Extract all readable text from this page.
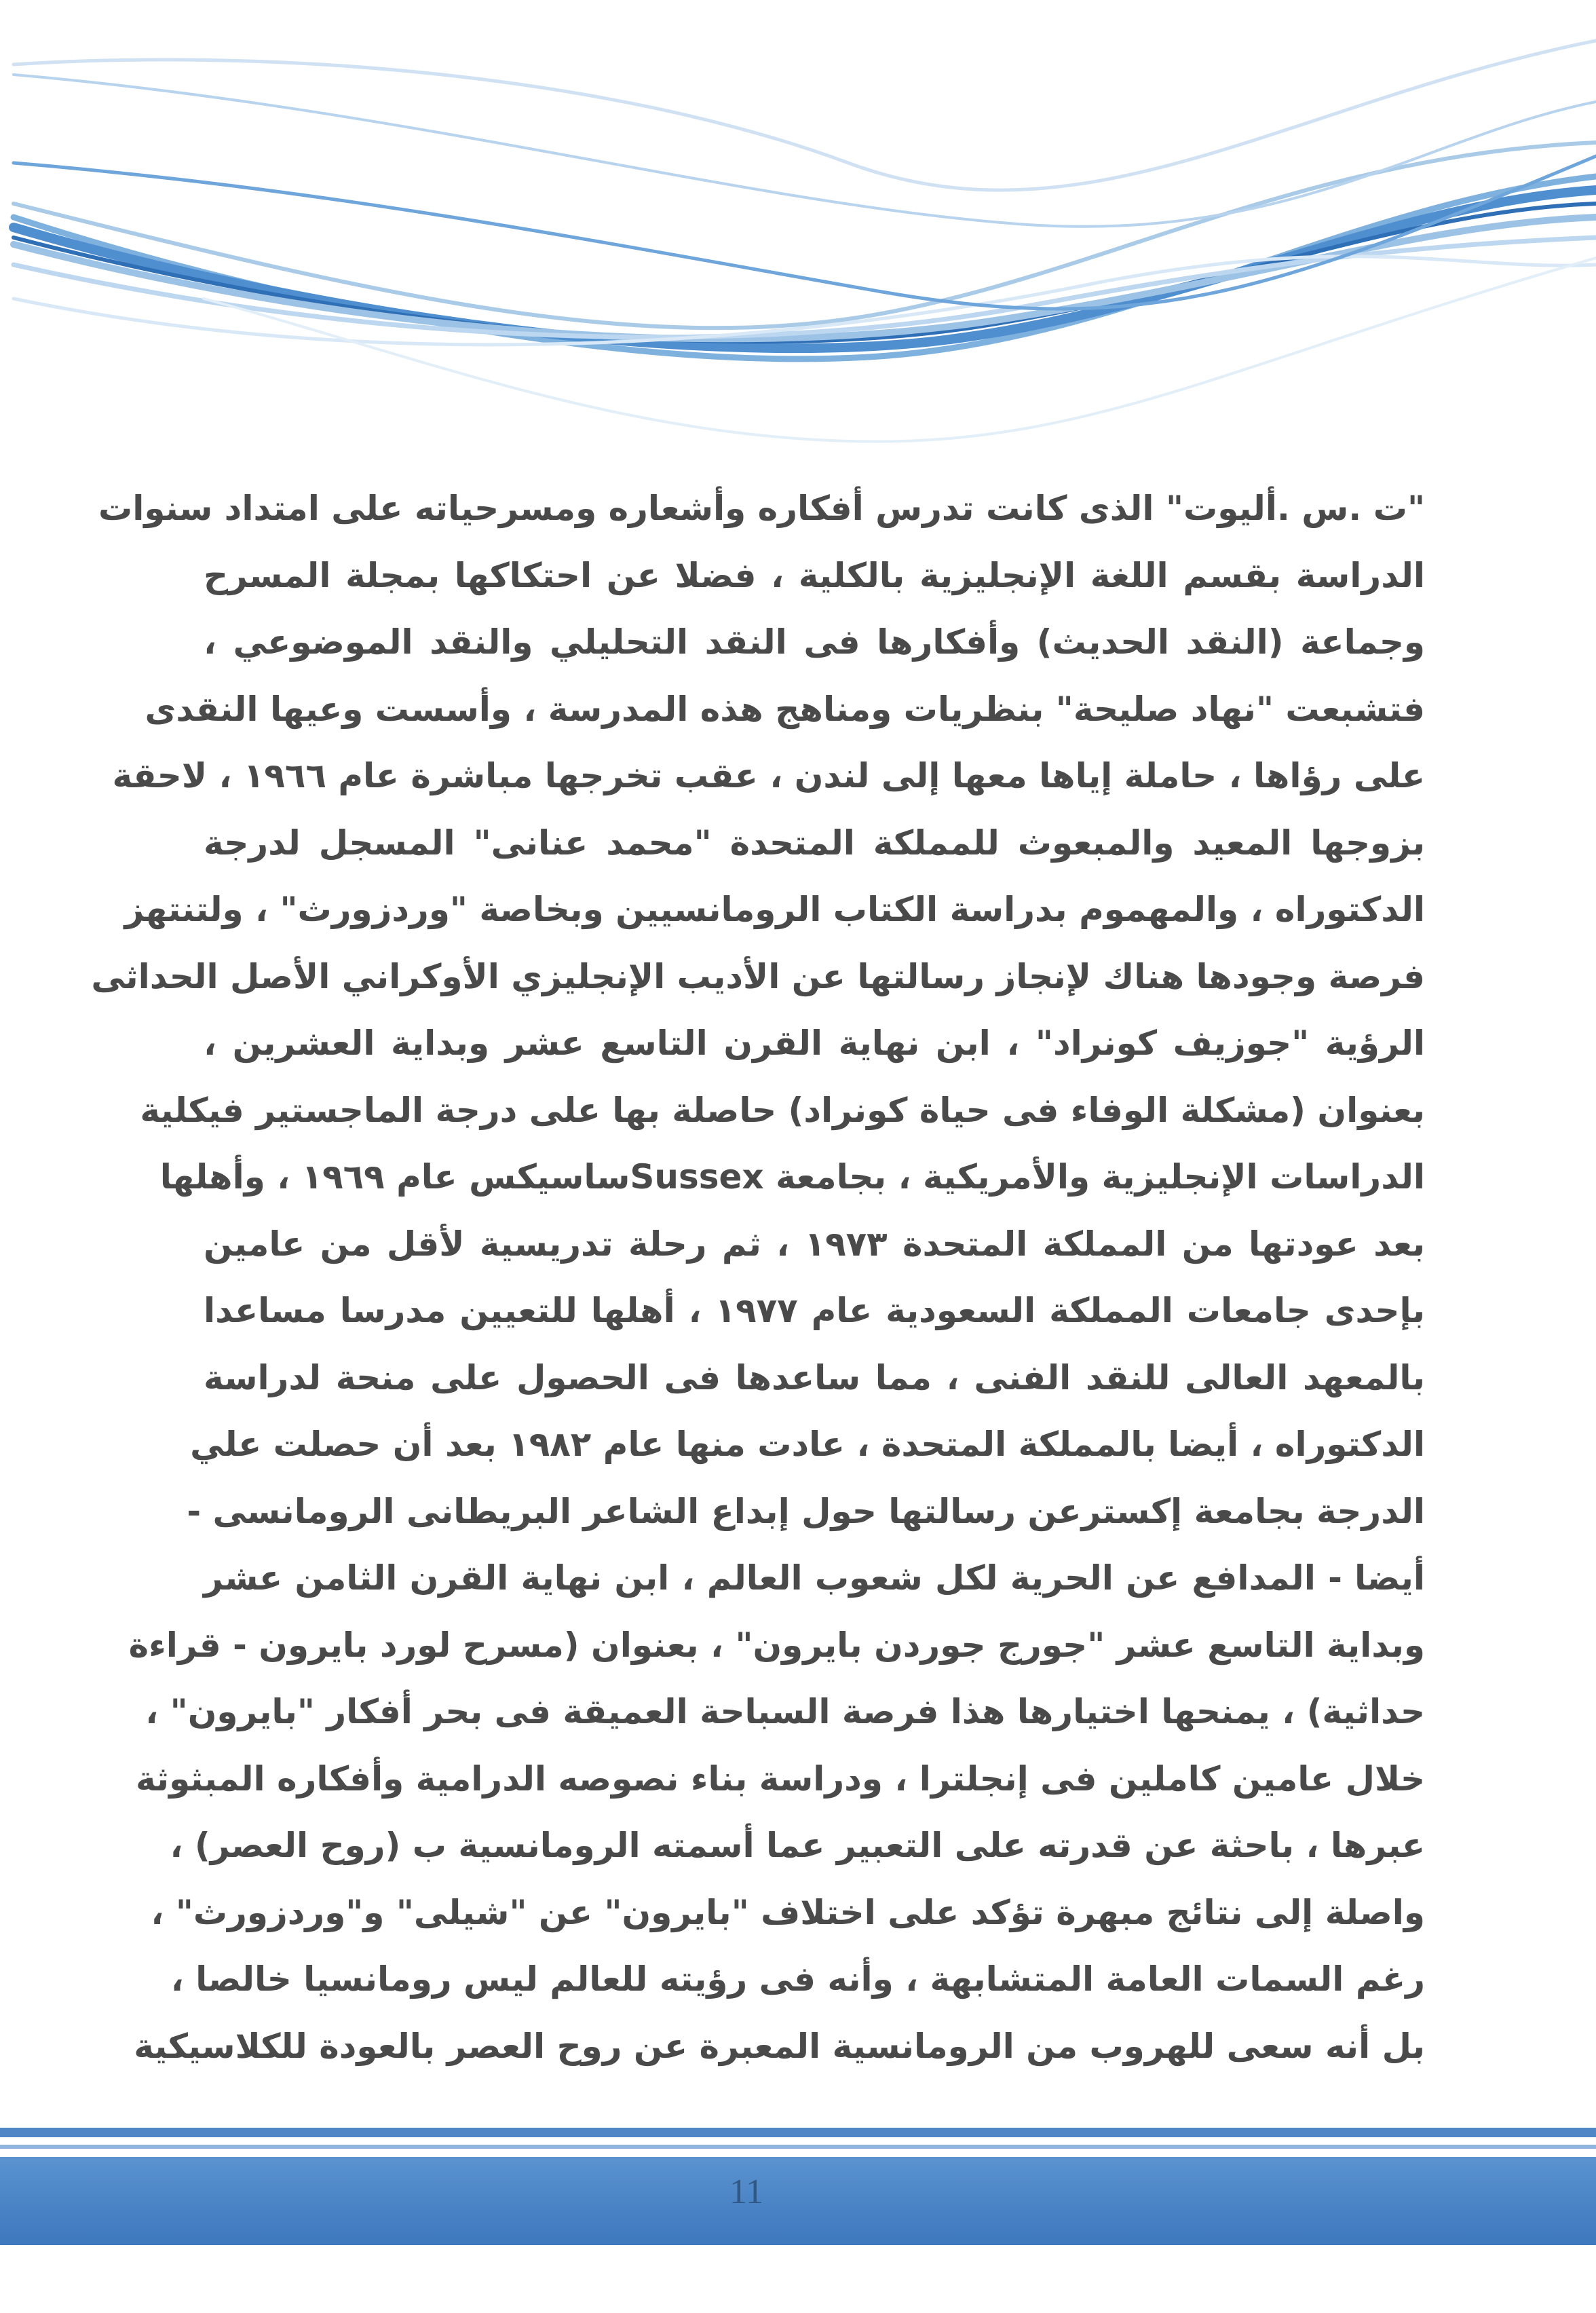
"ت .س .أليوت" الذى كانت تدرس أفكاره وأشعاره ومسرحياته على امتداد سنوات
الدراسة بقسم اللغة الإنجليزية بالكلية ، فضلا عن احتكاكها بمجلة المسرح
وجماعة (النقد الحديث) وأفكارها فى النقد التحليلي والنقد الموضوعي ،
فتشبعت "نهاد صليحة" بنظريات ومناهج هذه المدرسة ، وأسست وعيها النقدى
على رؤاها ، حاملة إياها معها إلى لندن ، عقب تخرجها مباشرة عام ١٩٦٦ ، لاحقة
بزوجها المعيد والمبعوث للمملكة المتحدة "محمد عنانى" المسجل لدرجة
الدكتوراه ، والمهموم بدراسة الكتاب الرومانسيين وبخاصة "وردزورث" ، ولتنتهز
فرصة وجودها هناك لإنجاز رسالتها عن الأديب الإنجليزي الأوكراني الأصل الحداثى
الرؤية "جوزيف كونراد" ، ابن نهاية القرن التاسع عشر وبداية العشرين ،
بعنوان (مشكلة الوفاء فى حياة كونراد) حاصلة بها على درجة الماجستير فيكلية
الدراسات الإنجليزية والأمريكية ، بجامعة Sussexساسيكس عام ١٩٦٩ ، وأهلها
بعد عودتها من المملكة المتحدة ١٩٧٣ ، ثم رحلة تدريسية لأقل من عامين
بإحدى جامعات المملكة السعودية عام ١٩٧٧ ، أهلها للتعيين مدرسا مساعدا
بالمعهد العالى للنقد الفنى ، مما ساعدها فى الحصول على منحة لدراسة
الدكتوراه ، أيضا بالمملكة المتحدة ، عادت منها عام ١٩٨٢ بعد أن حصلت علي
الدرجة بجامعة إكسترعن رسالتها حول إبداع الشاعر البريطانى الرومانسى -
أيضا - المدافع عن الحرية لكل شعوب العالم ، ابن نهاية القرن الثامن عشر
وبداية التاسع عشر "جورج جوردن بايرون" ، بعنوان (مسرح لورد بايرون - قراءة
حداثية) ، يمنحها اختيارها هذا فرصة السباحة العميقة فى بحر أفكار "بايرون" ،
خلال عامين كاملين فى إنجلترا ، ودراسة بناء نصوصه الدرامية وأفكاره المبثوثة
عبرها ، باحثة عن قدرته على التعبير عما أسمته الرومانسية ب (روح العصر) ،
واصلة إلى نتائج مبهرة تؤكد على اختلاف "بايرون" عن "شيلى" و"وردزورث" ،
رغم السمات العامة المتشابهة ، وأنه فى رؤيته للعالم ليس رومانسيا خالصا ،
بل أنه سعى للهروب من الرومانسية المعبرة عن روح العصر بالعودة للكلاسيكية
11
